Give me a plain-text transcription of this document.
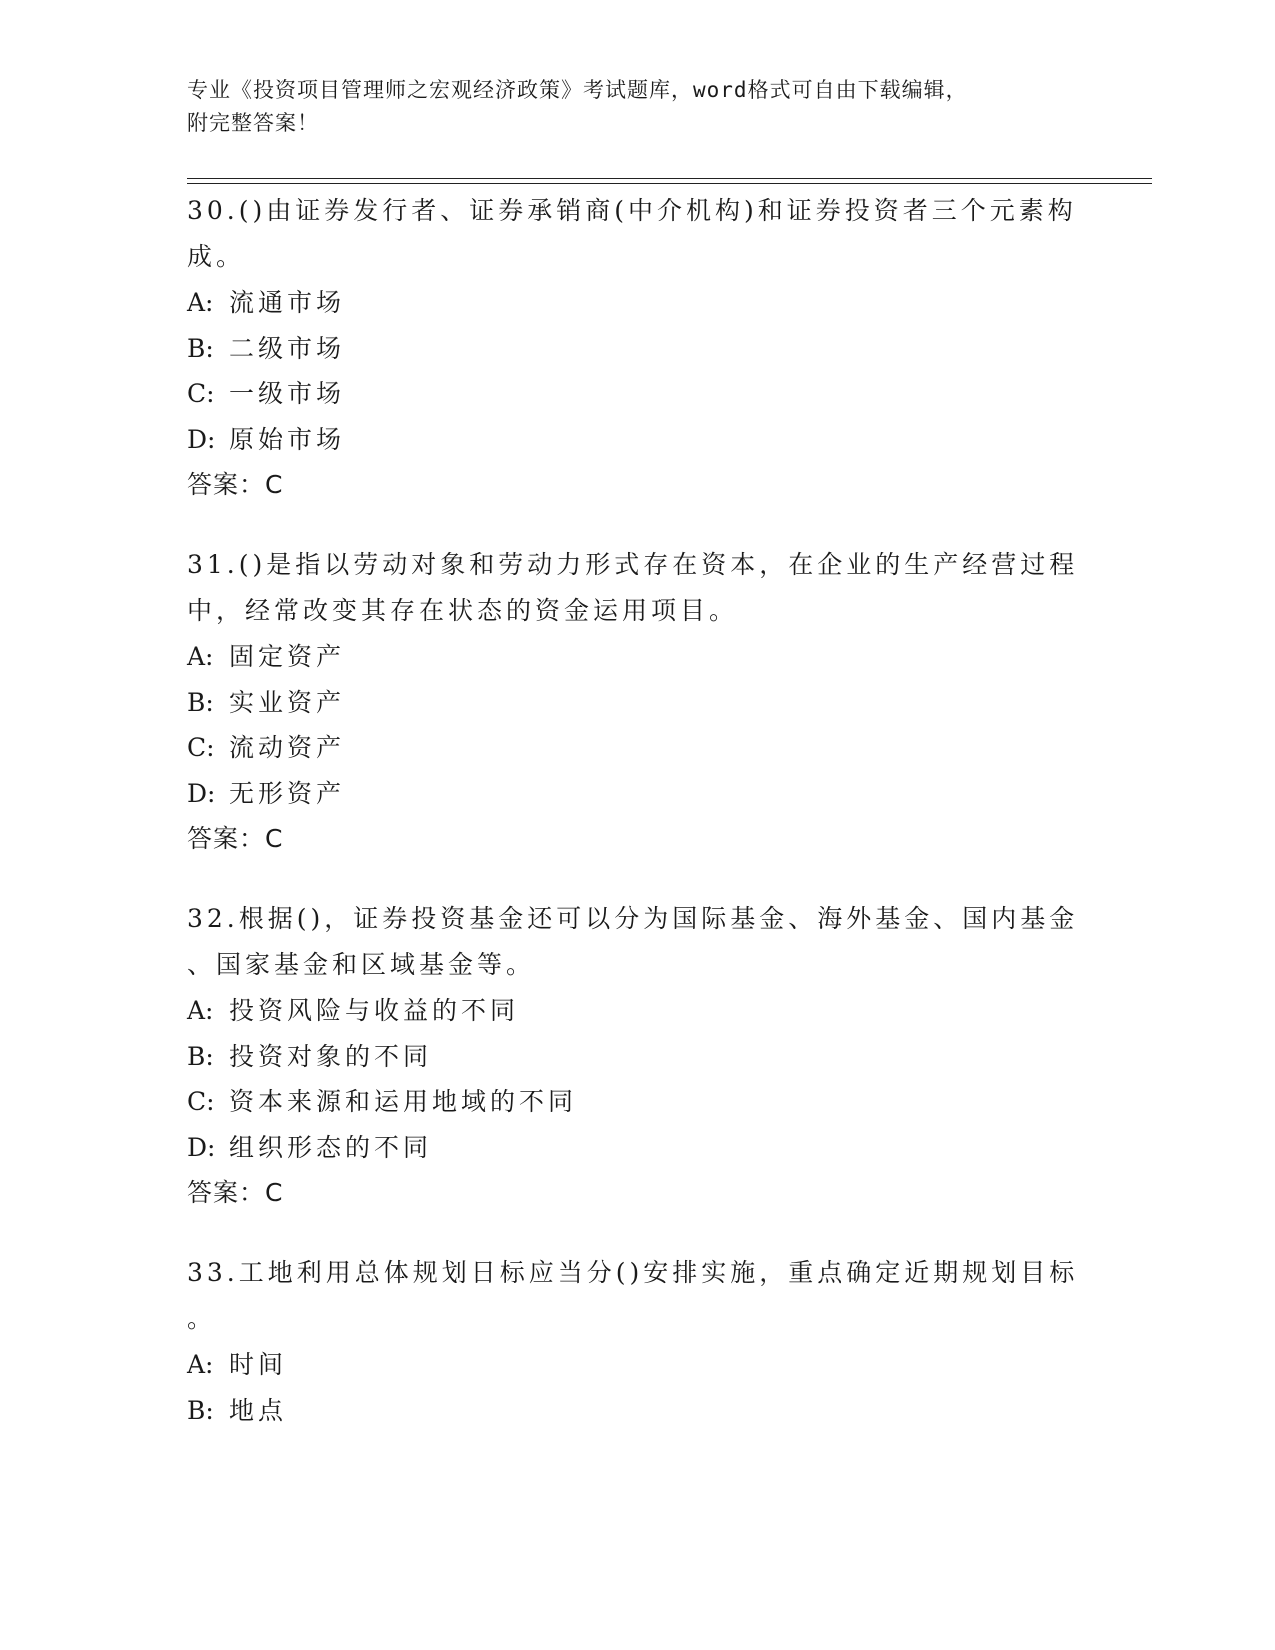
专业《投资项目管理师之宏观经济政策》考试题库，word格式可自由下载编辑，
附完整答案！
30.()由证券发行者、证券承销商(中介机构)和证券投资者三个元素构
成。
A: 流通市场
B: 二级市场
C: 一级市场
D: 原始市场
答案：C
31.()是指以劳动对象和劳动力形式存在资本，在企业的生产经营过程
中，经常改变其存在状态的资金运用项目。
A: 固定资产
B: 实业资产
C: 流动资产
D: 无形资产
答案：C
32.根据()，证券投资基金还可以分为国际基金、海外基金、国内基金
、国家基金和区域基金等。
A: 投资风险与收益的不同
B: 投资对象的不同
C: 资本来源和运用地域的不同
D: 组织形态的不同
答案：C
33.工地利用总体规划日标应当分()安排实施，重点确定近期规划目标
。
A: 时间
B: 地点
